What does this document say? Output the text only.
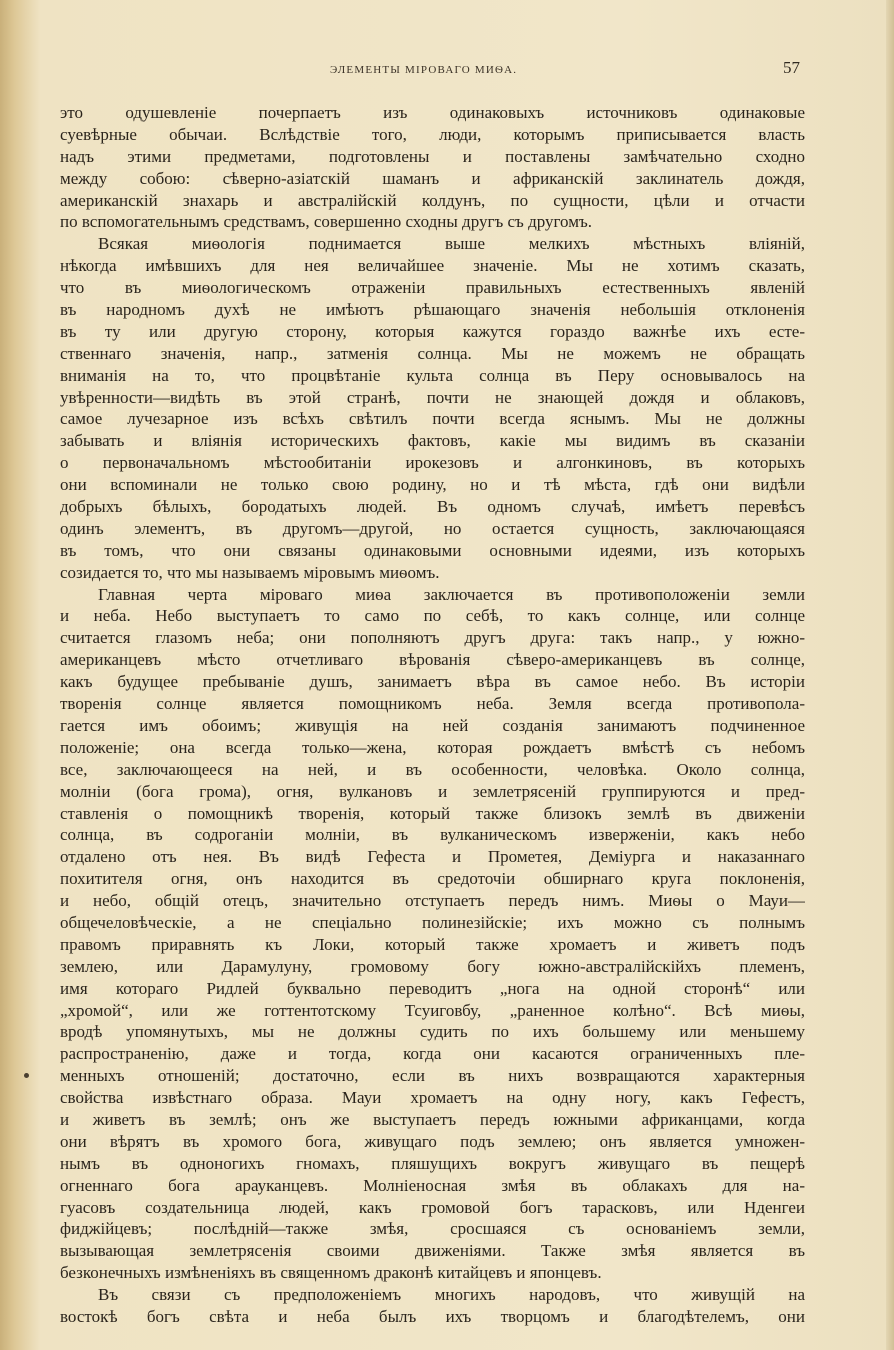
ЭЛЕМЕНТЫ МІРОВАГО МИѲА.	57
это одушевленіе почерпаетъ изъ одинаковыхъ источниковъ одинаковые
суевѣрные обычаи. Вслѣдствіе того, люди, которымъ приписывается власть
надъ этими предметами, подготовлены и поставлены замѣчательно сходно
между собою: сѣверно-азіатскій шаманъ и африканскій заклинатель дождя,
американскій знахарь и австралійскій колдунъ, по сущности, цѣли и отчасти
по вспомогательнымъ средствамъ, совершенно сходны другъ съ другомъ.
Всякая миѳологія поднимается выше мелкихъ мѣстныхъ вліяній,
нѣкогда имѣвшихъ для нея величайшее значеніе. Мы не хотимъ сказать,
что въ миѳологическомъ отраженіи правильныхъ естественныхъ явленій
въ народномъ духѣ не имѣютъ рѣшающаго значенія небольшія отклоненія
въ ту или другую сторону, которыя кажутся гораздо важнѣе ихъ есте-
ственнаго значенія, напр., затменія солнца. Мы не можемъ не обращать
вниманія на то, что процвѣтаніе культа солнца въ Перу основывалось на
увѣренности—видѣть въ этой странѣ, почти не знающей дождя и облаковъ,
самое лучезарное изъ всѣхъ свѣтилъ почти всегда яснымъ. Мы не должны
забывать и вліянія историческихъ фактовъ, какіе мы видимъ въ сказаніи
о первоначальномъ мѣстообитаніи ирокезовъ и алгонкиновъ, въ которыхъ
они вспоминали не только свою родину, но и тѣ мѣста, гдѣ они видѣли
добрыхъ бѣлыхъ, бородатыхъ людей. Въ одномъ случаѣ, имѣетъ перевѣсъ
одинъ элементъ, въ другомъ—другой, но остается сущность, заключающаяся
въ томъ, что они связаны одинаковыми основными идеями, изъ которыхъ
созидается то, что мы называемъ міровымъ миѳомъ.
Главная черта міроваго миѳа заключается въ противоположеніи земли
и неба. Небо выступаетъ то само по себѣ, то какъ солнце, или солнце
считается глазомъ неба; они пополняютъ другъ друга: такъ напр., у южно-
американцевъ мѣсто отчетливаго вѣрованія сѣверо-американцевъ въ солнце,
какъ будущее пребываніе душъ, занимаетъ вѣра въ самое небо. Въ исторіи
творенія солнце является помощникомъ неба. Земля всегда противопола-
гается имъ обоимъ; живущія на ней созданія занимаютъ подчиненное
положеніе; она всегда только—жена, которая рождаетъ вмѣстѣ съ небомъ
все, заключающееся на ней, и въ особенности, человѣка. Около солнца,
молніи (бога грома), огня, вулкановъ и землетрясеній группируются и пред-
ставленія о помощникѣ творенія, который также близокъ землѣ въ движеніи
солнца, въ содроганіи молніи, въ вулканическомъ изверженіи, какъ небо
отдалено отъ нея. Въ видѣ Гефеста и Прометея, Деміурга и наказаннаго
похитителя огня, онъ находится въ средоточіи обширнаго круга поклоненія,
и небо, общій отецъ, значительно отступаетъ передъ нимъ. Миѳы о Мауи—
общечеловѣческіе, а не спеціально полинезійскіе; ихъ можно съ полнымъ
правомъ приравнять къ Локи, который также хромаетъ и живетъ подъ
землею, или Дарамулуну, громовому богу южно-австралійскійхъ племенъ,
имя котораго Ридлей буквально переводитъ „нога на одной сторонѣ“ или
„хромой“, или же готтентотскому Тсуиговбу, „раненное колѣно“. Всѣ миѳы,
вродѣ упомянутыхъ, мы не должны судить по ихъ большему или меньшему
распространенію, даже и тогда, когда они касаются ограниченныхъ пле-
менныхъ отношеній; достаточно, если въ нихъ возвращаются характерныя
свойства извѣстнаго образа. Мауи хромаетъ на одну ногу, какъ Гефестъ,
и живетъ въ землѣ; онъ же выступаетъ передъ южными африканцами, когда
они вѣрятъ въ хромого бога, живущаго подъ землею; онъ является умножен-
нымъ въ одноногихъ гномахъ, пляшущихъ вокругъ живущаго въ пещерѣ
огненнаго бога арауканцевъ. Молніеносная змѣя въ облакахъ для на-
гуасовъ создательница людей, какъ громовой богъ тарасковъ, или Нденгеи
фиджійцевъ; послѣдній—также змѣя, сросшаяся съ основаніемъ земли,
вызывающая землетрясенія своими движеніями. Также змѣя является въ
безконечныхъ измѣненіяхъ въ священномъ драконѣ китайцевъ и японцевъ.
Въ связи съ предположеніемъ многихъ народовъ, что живущій на
востокѣ богъ свѣта и неба былъ ихъ творцомъ и благодѣтелемъ, они
